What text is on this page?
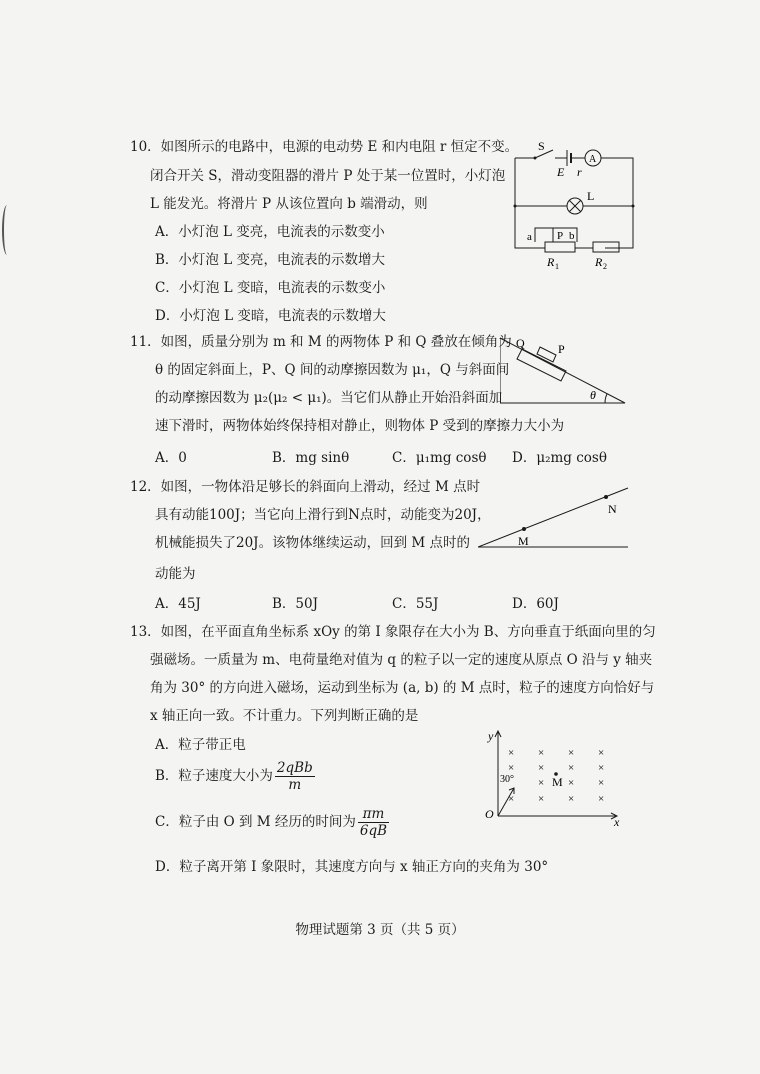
10．如图所示的电路中，电源的电动势 E 和内电阻 r 恒定不变。
闭合开关 S，滑动变阻器的滑片 P 处于某一位置时，小灯泡
L 能发光。将滑片 P 从该位置向 b 端滑动，则
A．小灯泡 L 变亮，电流表的示数变小
B．小灯泡 L 变亮，电流表的示数增大
C．小灯泡 L 变暗，电流表的示数变小
D．小灯泡 L 变暗，电流表的示数增大
S
E r
A
L
a P b
R 1	R 2
11．如图，质量分别为 m 和 M 的两物体 P 和 Q 叠放在倾角为
θ 的固定斜面上，P、Q 间的动摩擦因数为 μ₁，Q 与斜面间
的动摩擦因数为 μ₂(μ₂ < μ₁)。当它们从静止开始沿斜面加
速下滑时，两物体始终保持相对静止，则物体 P 受到的摩擦力大小为
A．0	B．mg sinθ	C．μ₁mg cosθ D．μ₂mg cosθ
Q	P
θ
12．如图，一物体沿足够长的斜面向上滑动，经过 M 点时
具有动能100J；当它向上滑行到N点时，动能变为20J，
机械能损失了20J。该物体继续运动，回到 M 点时的
动能为
A．45J	B．50J	C．55J	D．60J
M
N
13．如图，在平面直角坐标系 xOy 的第 I 象限存在大小为 B、方向垂直于纸面向里的匀
强磁场。一质量为 m、电荷量绝对值为 q 的粒子以一定的速度从原点 O 沿与 y 轴夹
角为 30° 的方向进入磁场，运动到坐标为 (a, b) 的 M 点时，粒子的速度方向恰好与
x 轴正向一致。不计重力。下列判断正确的是
A．粒子带正电
B．粒子速度大小为 $\frac{\text{2qBb}}{m}$
C．粒子由 O 到 M 经历的时间为 $\frac{\pi m}{6qB}$
D．粒子离开第 I 象限时，其速度方向与 x 轴正方向的夹角为 30°
y
x
O
30°
× × × ×
× × × ×
× × ×
× × × ×
M
物理试题第 3 页（共 5 页）
